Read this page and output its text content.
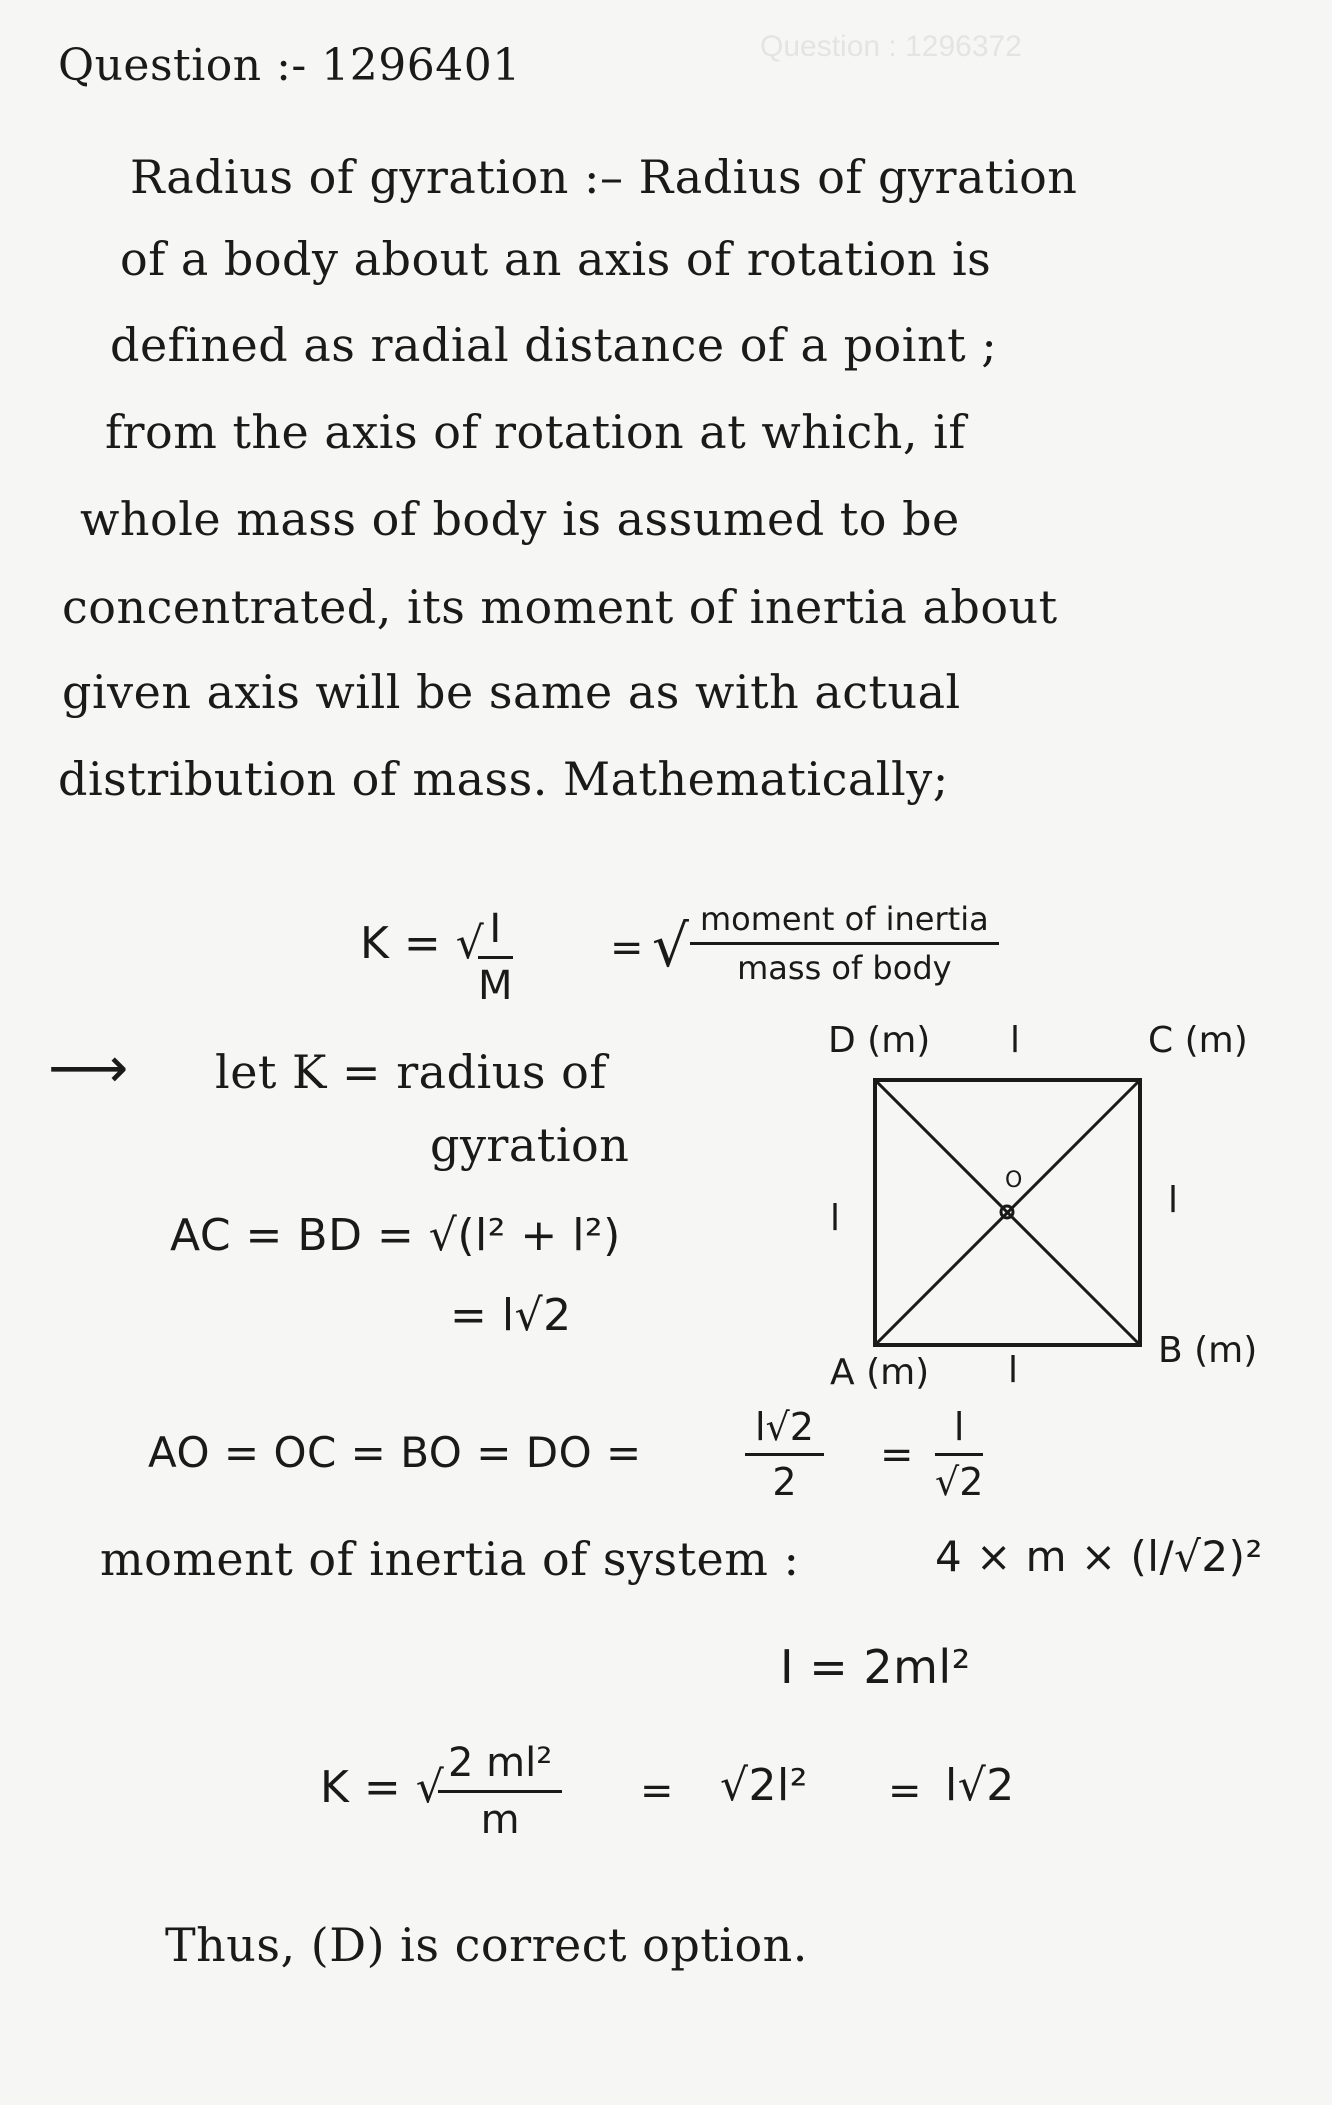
Question : 1296372
Question :- 1296401
Radius of gyration :– Radius of gyration
of a body about an axis of rotation is
defined as radial distance of a point ;
from the axis of rotation at which, if
whole mass of body is assumed to be
concentrated, its moment of inertia about
given axis will be same as with actual
distribution of mass. Mathematically;
K = √
$\frac{I}{M}$ = √ moment of inertia
mass of body
⟶ let K = radius of
gyration
AC = BD = √(l² + l²)
= l√2
D (m)	C (m)
A (m)
B (m)
l
l
l	l
O
AO = OC = BO = DO =	$\frac{l√2}{2} = \frac{l}{√2}$
moment of inertia of system :	4 × m × (l/√2)²
I = 2ml²
K = √
$\frac{\text{2 ml²}}{m} = √2l^2 = l√2$
Thus, (D) is correct option.
